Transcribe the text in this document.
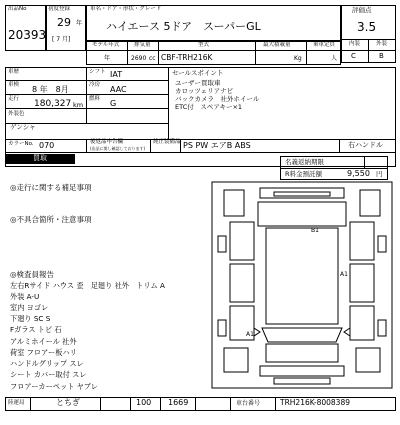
出品No
20393
初度登録
29 年
[ 7 月]
車名・ドア・形状・グレード
ハイエース 5ドア　スーパーGL
評価点
3.5
内装	外装
C	B
モデル年式
年
排気量
2690 cc
型式
CBF-TRH216K
最大積載量
Kg
乗車定員
人
車歴	シフト IAT
車検 8 年　8月	冷房 AAC
走行 180,327 km
燃料 G
外装色
ゲンシャ
カラーNo. 070
セールスポイント
ユーザー買取車
カロッツェリアナビ
バックカメラ　社外ホイール
ETC付　スペアキー×1
後返品申告欄
(出品に関し確認しております)
純正装備品 PS PW エアB ABS	右ハンドル
買取	名義返納期限
R料金預託額	9,550 円
◎走行に関する補足事項
◎不具合箇所・注意事項
◎検査員報告
左右Rサイド ハウス 歪　足廻り 社外　トリム A
外装 A-U
室内 ヨゴレ
下廻り SC S
Fガラス トビ 石
アルミホイール 社外
荷室 フロアー板ハリ
ハンドルグリップ スレ
シート カバー取付 スレ
フロアーカーペット ヤブレ
B1
A1
A1
陸運局	とちぎ	100 1669	車台番号	TRH216K-8008389
